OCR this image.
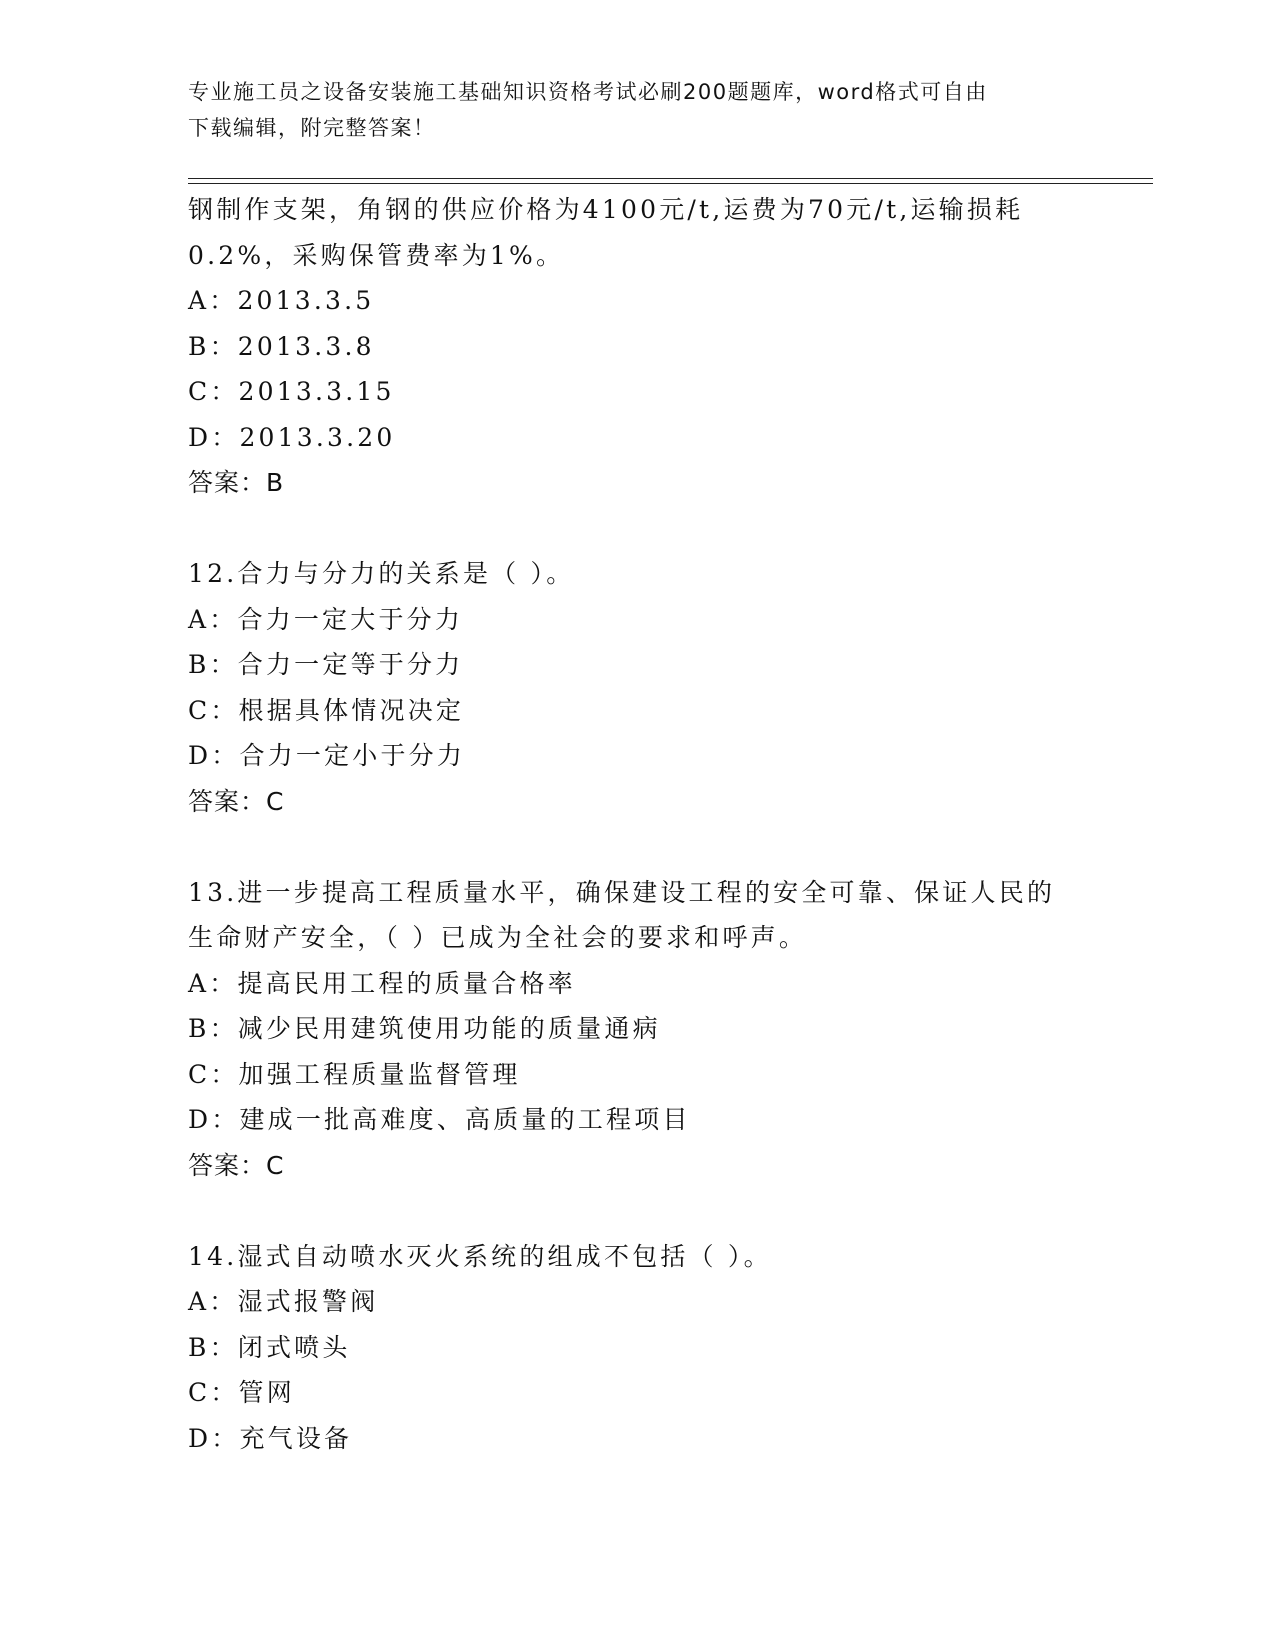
专业施工员之设备安装施工基础知识资格考试必刷200题题库，word格式可自由
下载编辑，附完整答案！
钢制作支架，角钢的供应价格为4100元/t,运费为70元/t,运输损耗
0.2%，采购保管费率为1%。
A：2013.3.5
B：2013.3.8
C：2013.3.15
D：2013.3.20
答案：B
12.合力与分力的关系是（ ）。
A：合力一定大于分力
B：合力一定等于分力
C：根据具体情况决定
D：合力一定小于分力
答案：C
13.进一步提高工程质量水平，确保建设工程的安全可靠、保证人民的
生命财产安全，（ ）已成为全社会的要求和呼声。
A：提高民用工程的质量合格率
B：减少民用建筑使用功能的质量通病
C：加强工程质量监督管理
D：建成一批高难度、高质量的工程项目
答案：C
14.湿式自动喷水灭火系统的组成不包括（ ）。
A：湿式报警阀
B：闭式喷头
C：管网
D：充气设备
